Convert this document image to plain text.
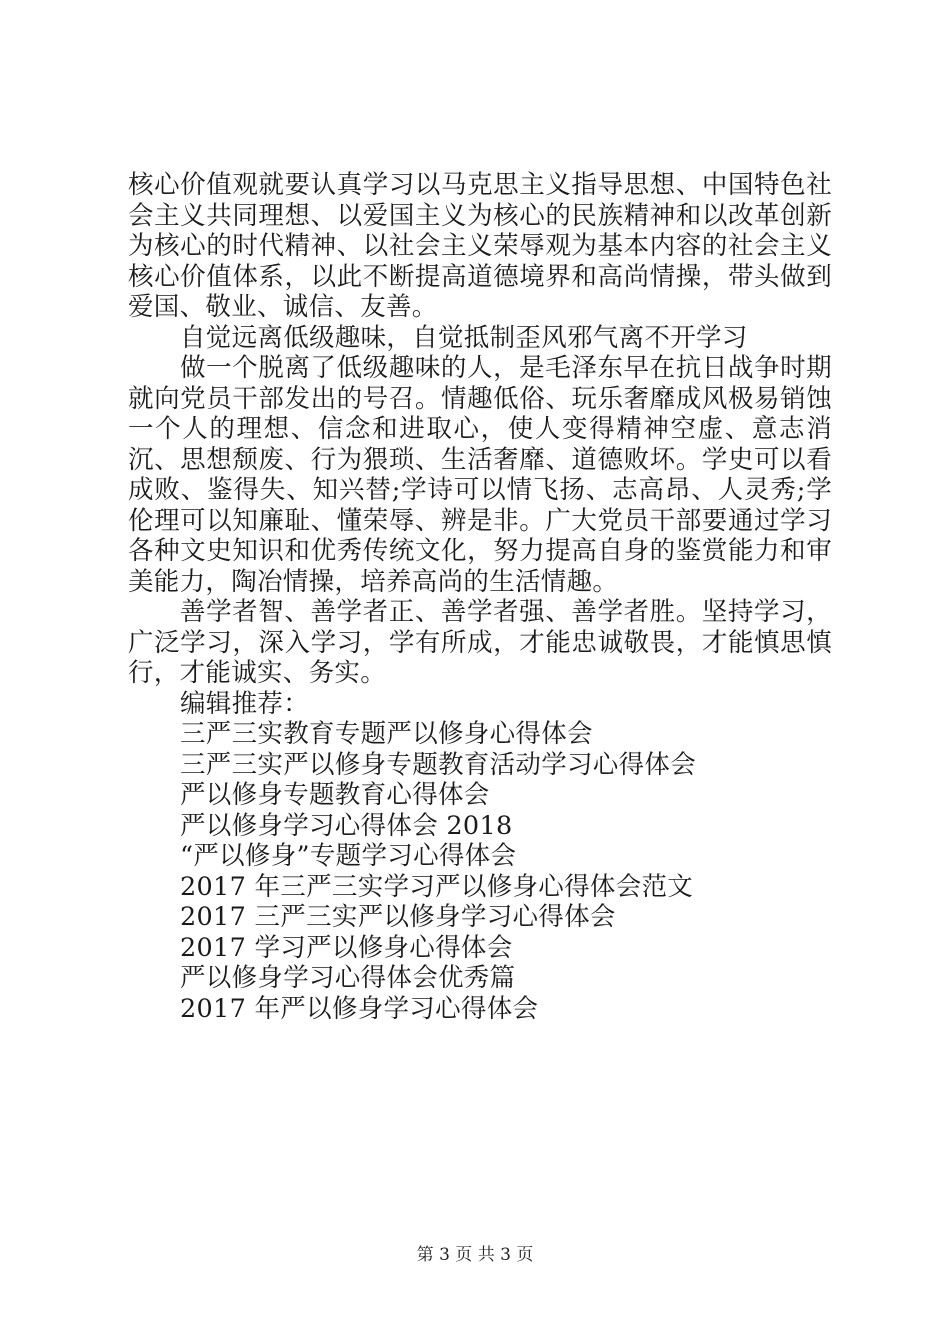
核心价值观就要认真学习以马克思主义指导思想、中国特色社会主义共同理想、以爱国主义为核心的民族精神和以改革创新为核心的时代精神、以社会主义荣辱观为基本内容的社会主义核心价值体系，以此不断提高道德境界和高尚情操，带头做到爱国、敬业、诚信、友善。

自觉远离低级趣味，自觉抵制歪风邪气离不开学习

做一个脱离了低级趣味的人，是毛泽东早在抗日战争时期就向党员干部发出的号召。情趣低俗、玩乐奢靡成风极易销蚀一个人的理想、信念和进取心，使人变得精神空虚、意志消沉、思想颓废、行为猥琐、生活奢靡、道德败坏。学史可以看成败、鉴得失、知兴替;学诗可以情飞扬、志高昂、人灵秀;学伦理可以知廉耻、懂荣辱、辨是非。广大党员干部要通过学习各种文史知识和优秀传统文化，努力提高自身的鉴赏能力和审美能力，陶冶情操，培养高尚的生活情趣。

善学者智、善学者正、善学者强、善学者胜。坚持学习，广泛学习，深入学习，学有所成，才能忠诚敬畏，才能慎思慎行，才能诚实、务实。

编辑推荐：

三严三实教育专题严以修身心得体会
三严三实严以修身专题教育活动学习心得体会
严以修身专题教育心得体会
严以修身学习心得体会 2018
“严以修身”专题学习心得体会
2017 年三严三实学习严以修身心得体会范文
2017 三严三实严以修身学习心得体会
2017 学习严以修身心得体会
严以修身学习心得体会优秀篇
2017 年严以修身学习心得体会
第 3 页 共 3 页
